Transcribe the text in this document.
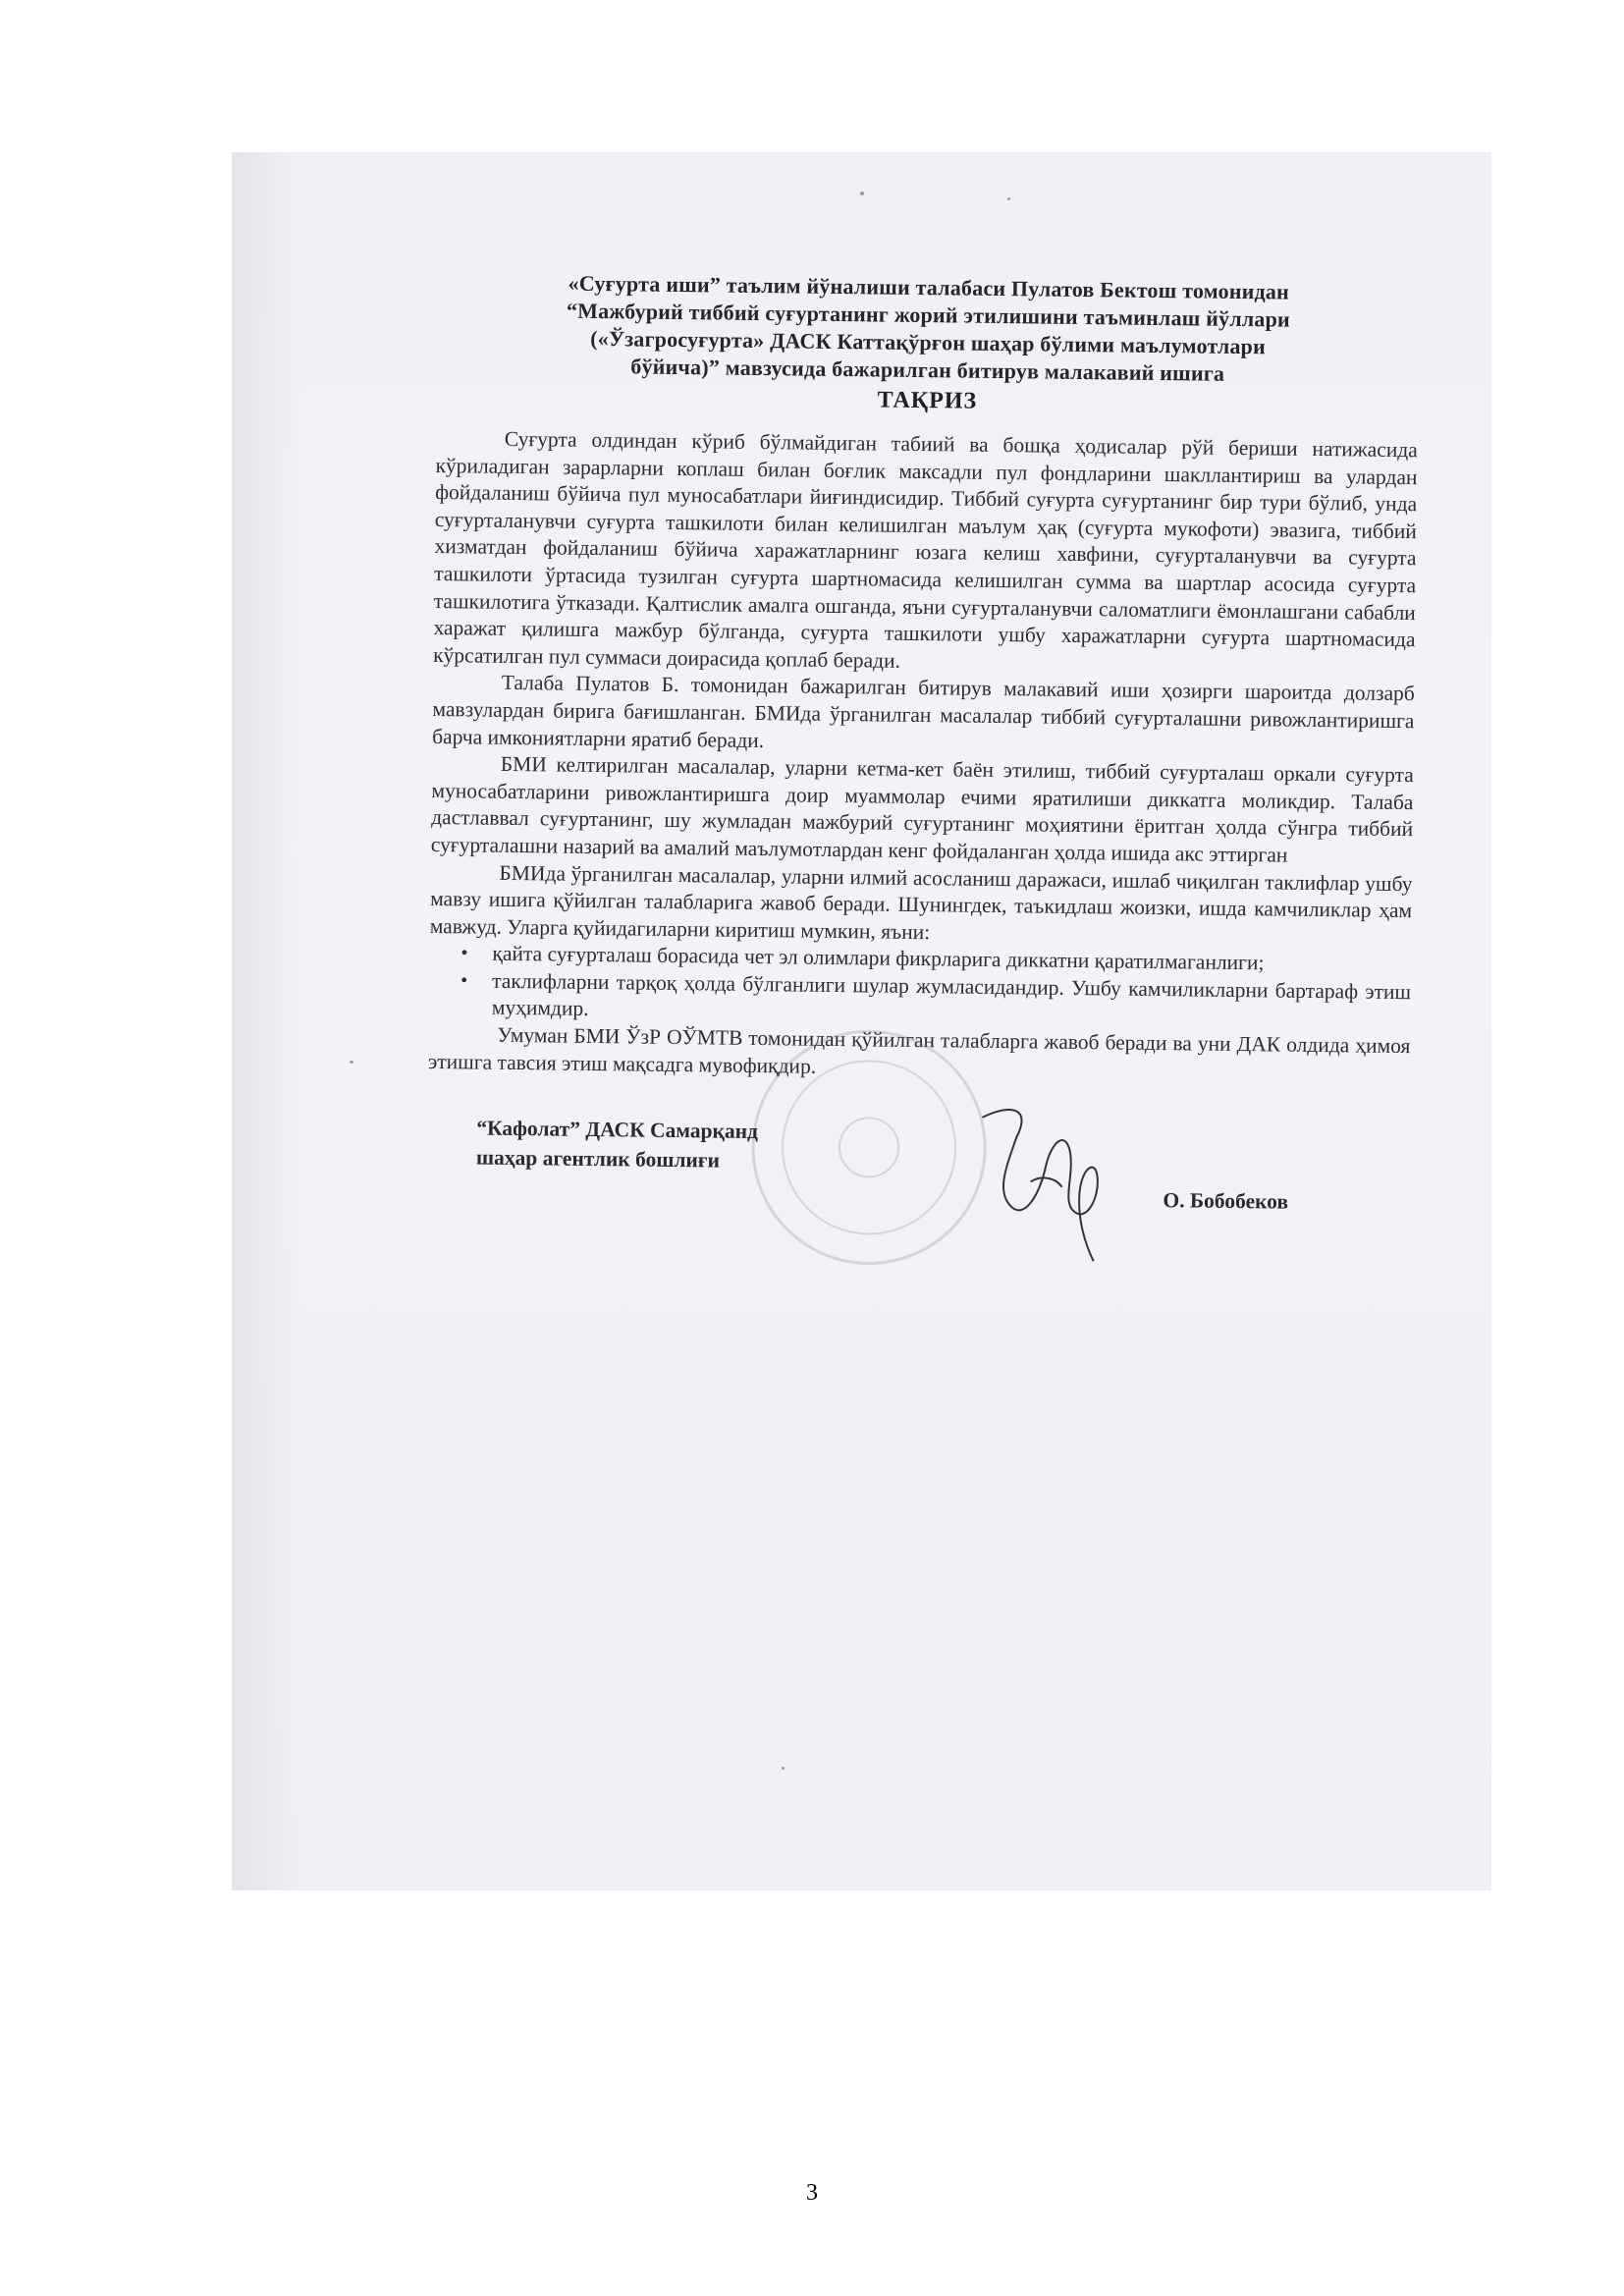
«Суғурта иши” таълим йўналиши талабаси Пулатов Бектош томонидан
“Мажбурий тиббий суғуртанинг жорий этилишини таъминлаш йўллари
(«Ўзагросуғурта» ДАСК Каттақўрғон шаҳар бўлими маълумотлари
бўйича)” мавзусида бажарилган битирув малакавий ишига
ТАҚРИЗ

Суғурта олдиндан кўриб бўлмайдиган табиий ва бошқа ҳодисалар рўй бериши натижасида кўриладиган зарарларни коплаш билан боғлик максадли пул фондларини шакллантириш ва улардан фойдаланиш бўйича пул муносабатлари йиғиндисидир. Тиббий суғурта суғуртанинг бир тури бўлиб, унда суғурталанувчи суғурта ташкилоти билан келишилган маълум ҳақ (суғурта мукофоти) эвазига, тиббий хизматдан фойдаланиш бўйича харажатларнинг юзага келиш хавфини, суғурталанувчи ва суғурта ташкилоти ўртасида тузилган суғурта шартномасида келишилган сумма ва шартлар асосида суғурта ташкилотига ўтказади. Қалтислик амалга ошганда, яъни суғурталанувчи саломатлиги ёмонлашгани сабабли харажат қилишга мажбур бўлганда, суғурта ташкилоти ушбу харажатларни суғурта шартномасида кўрсатилган пул суммаси доирасида қоплаб беради.

Талаба Пулатов Б. томонидан бажарилган битирув малакавий иши ҳозирги шароитда долзарб мавзулардан бирига бағишланган. БМИда ўрганилган масалалар тиббий суғурталашни ривожлантиришга барча имкониятларни яратиб беради.

БМИ келтирилган масалалар, уларни кетма-кет баён этилиш, тиббий суғурталаш оркали суғурта муносабатларини ривожлантиришга доир муаммолар ечими яратилиши диккатга моликдир. Талаба дастлаввал суғуртанинг, шу жумладан мажбурий суғуртанинг моҳиятини ёритган ҳолда сўнгра тиббий суғурталашни назарий ва амалий маълумотлардан кенг фойдаланган ҳолда ишида акс эттирган

БМИда ўрганилган масалалар, уларни илмий асосланиш даражаси, ишлаб чиқилган таклифлар ушбу мавзу ишига қўйилган талабларига жавоб беради. Шунингдек, таъкидлаш жоизки, ишда камчиликлар ҳам мавжуд. Уларга қуйидагиларни киритиш мумкин, яъни:

• қайта суғурталаш борасида чет эл олимлари фикрларига диккатни қаратилмаганлиги;
• таклифларни тарқоқ ҳолда бўлганлиги шулар жумласидандир. Ушбу камчиликларни бартараф этиш муҳимдир.

Умуман БМИ ЎзР ОЎМТВ томонидан қўйилган талабларга жавоб беради ва уни ДАК олдида ҳимоя этишга тавсия этиш мақсадга мувофиқдир.

“Кафолат” ДАСК Самарқанд
шаҳар агентлик бошлиғи
О. Бобобеков
3
